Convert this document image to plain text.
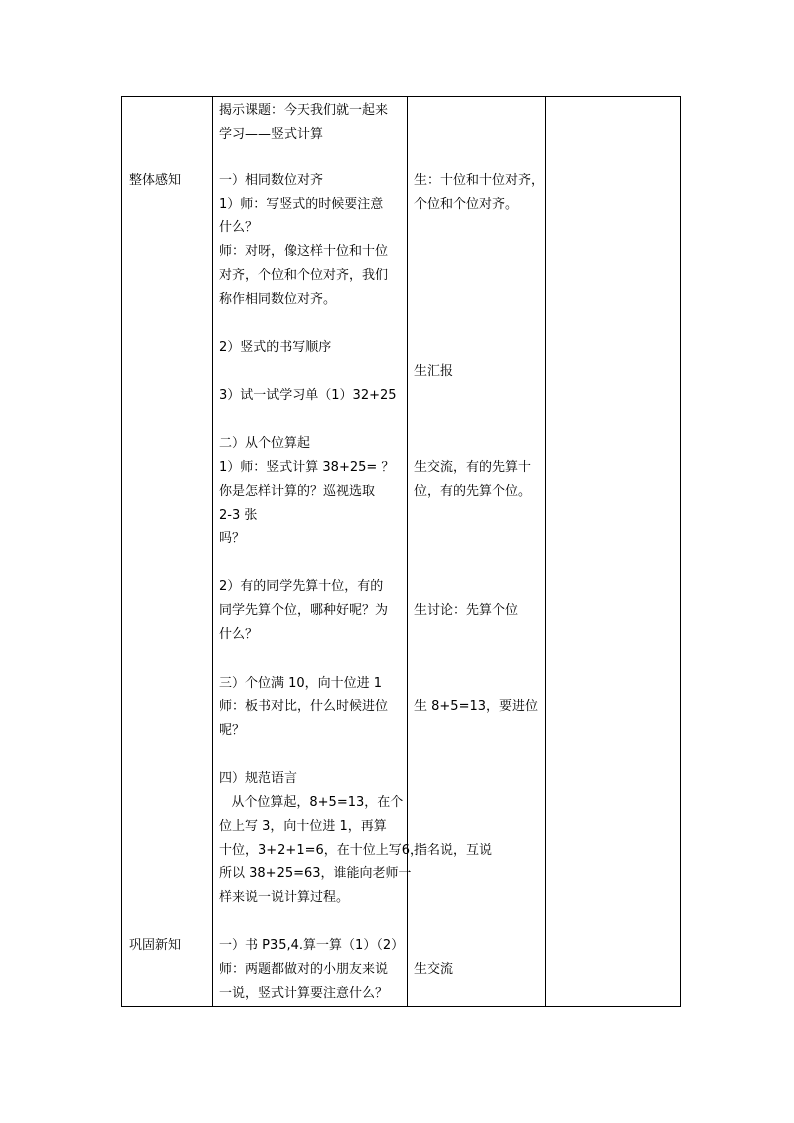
整体感知
巩固新知
揭示课题：今天我们就一起来
学习——竖式计算
一）相同数位对齐
1）师：写竖式的时候要注意
什么？
师：对呀，像这样十位和十位
对齐，个位和个位对齐，我们
称作相同数位对齐。
2）竖式的书写顺序
3）试一试学习单（1）32+25
二）从个位算起
1）师：竖式计算 38+25= ？
你是怎样计算的？巡视选取
2-3 张
吗？
2）有的同学先算十位，有的
同学先算个位，哪种好呢？为
什么？
三）个位满 10，向十位进 1
师：板书对比，什么时候进位
呢？
四）规范语言
从个位算起，8+5=13，在个
位上写 3，向十位进 1，再算
十位，3+2+1=6，在十位上写6，
所以 38+25=63，谁能向老师一
样来说一说计算过程。
一）书 P35,4.算一算（1）（2）
师：两题都做对的小朋友来说
一说，竖式计算要注意什么？
生：十位和十位对齐，
个位和个位对齐。
生汇报
生交流，有的先算十
位，有的先算个位。
生讨论：先算个位
生 8+5=13，要进位
指名说，互说
生交流
